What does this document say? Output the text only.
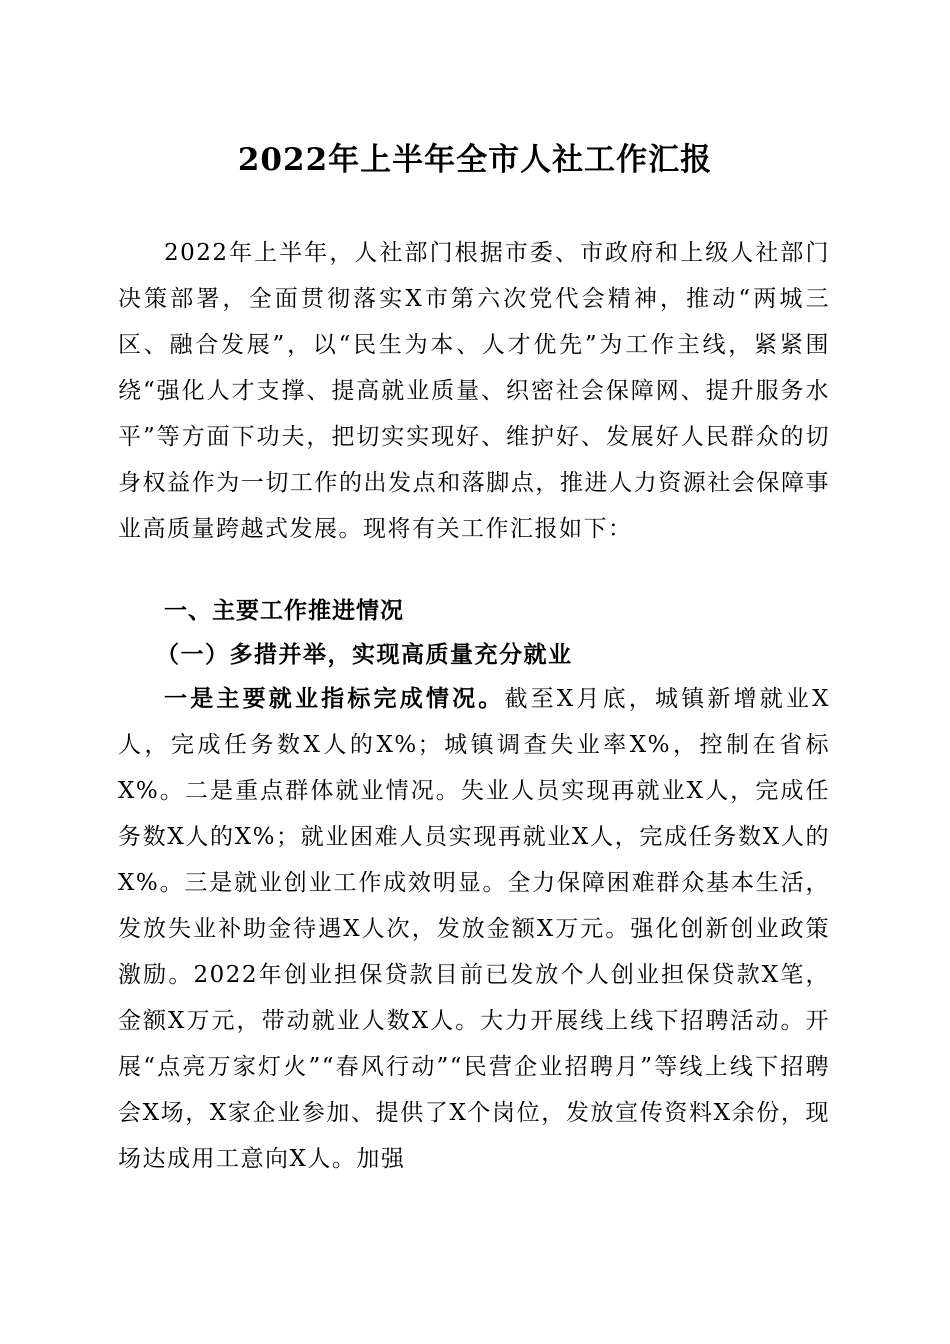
2022年上半年全市人社工作汇报

2022年上半年，人社部门根据市委、市政府和上级人社部门决策部署，全面贯彻落实X市第六次党代会精神，推动“两城三区、融合发展”，以“民生为本、人才优先”为工作主线，紧紧围绕“强化人才支撑、提高就业质量、织密社会保障网、提升服务水平”等方面下功夫，把切实实现好、维护好、发展好人民群众的切身权益作为一切工作的出发点和落脚点，推进人力资源社会保障事业高质量跨越式发展。现将有关工作汇报如下：

一、主要工作推进情况
（一）多措并举，实现高质量充分就业

一是主要就业指标完成情况。截至X月底，城镇新增就业X人，完成任务数X人的X%；城镇调查失业率X%，控制在省标X%。二是重点群体就业情况。失业人员实现再就业X人，完成任务数X人的X%；就业困难人员实现再就业X人，完成任务数X人的X%。三是就业创业工作成效明显。全力保障困难群众基本生活，发放失业补助金待遇X人次，发放金额X万元。强化创新创业政策激励。2022年创业担保贷款目前已发放个人创业担保贷款X笔，金额X万元，带动就业人数X人。大力开展线上线下招聘活动。开展“点亮万家灯火”“春风行动”“民营企业招聘月”等线上线下招聘会X场，X家企业参加、提供了X个岗位，发放宣传资料X余份，现场达成用工意向X人。加强
